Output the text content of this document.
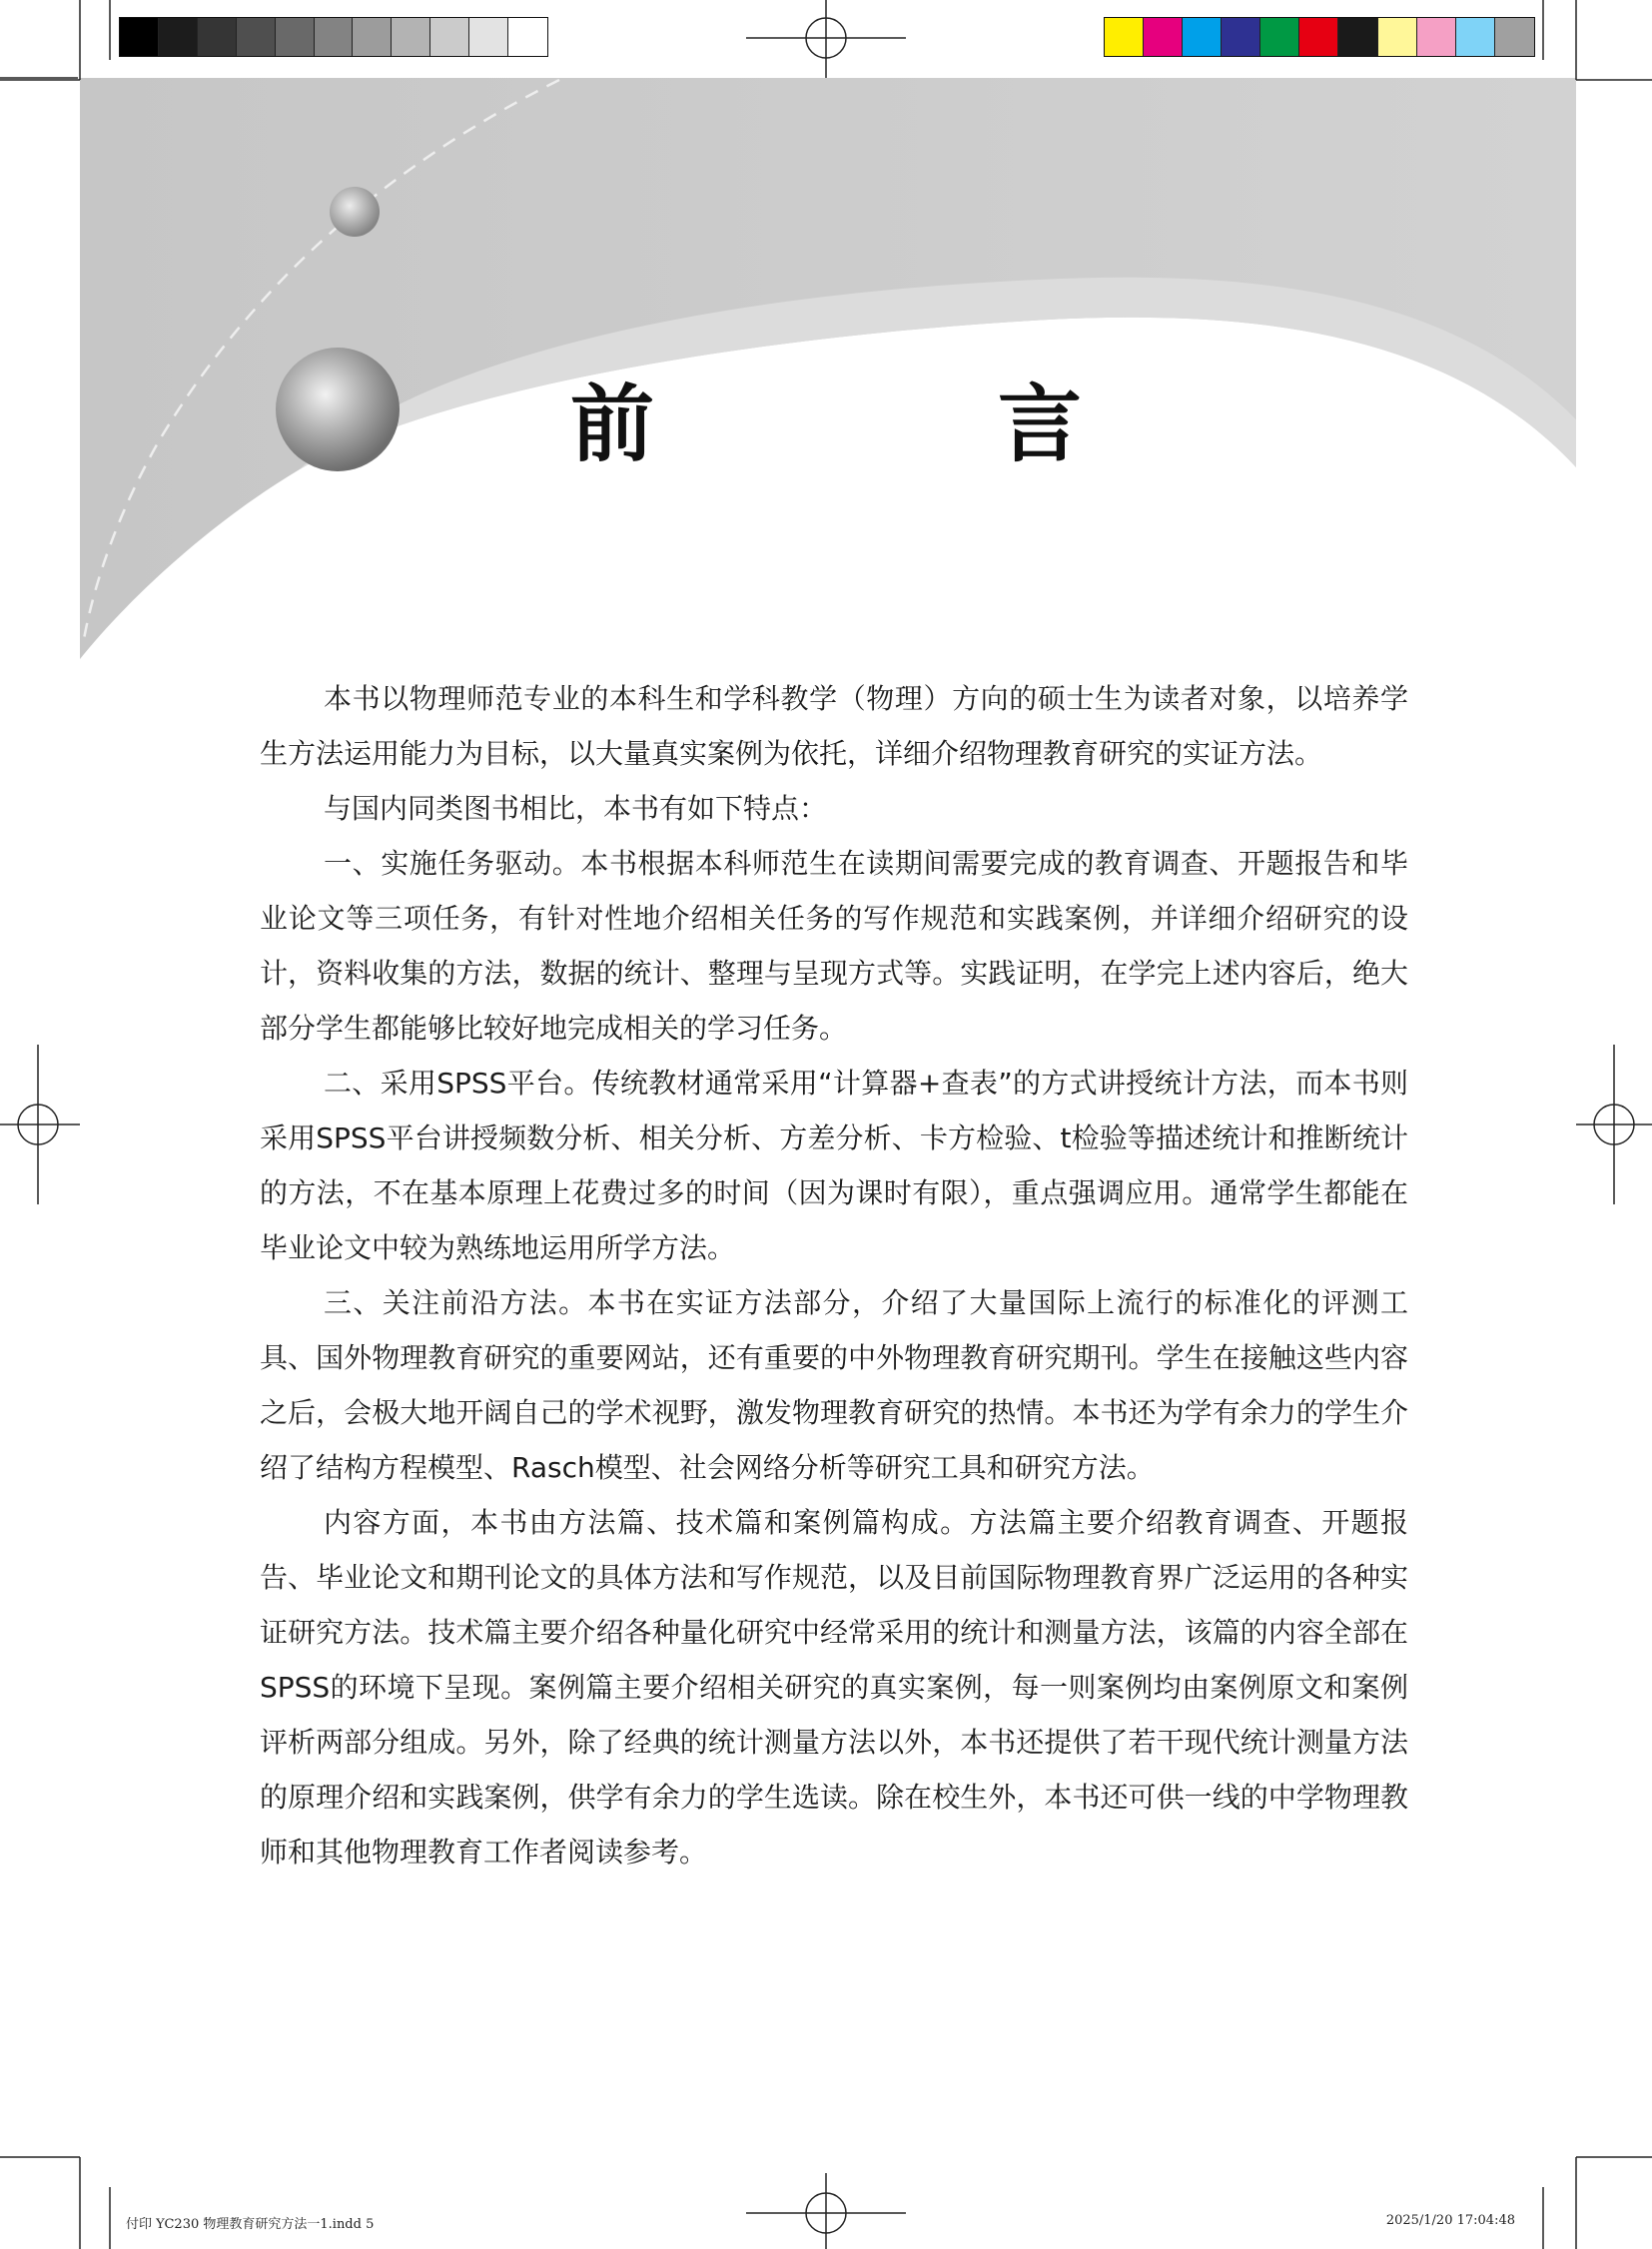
前　言

本书以物理师范专业的本科生和学科教学（物理）方向的硕士生为读者对象，以培养学生方法运用能力为目标，以大量真实案例为依托，详细介绍物理教育研究的实证方法。

与国内同类图书相比，本书有如下特点：

一、实施任务驱动。本书根据本科师范生在读期间需要完成的教育调查、开题报告和毕业论文等三项任务，有针对性地介绍相关任务的写作规范和实践案例，并详细介绍研究的设计，资料收集的方法，数据的统计、整理与呈现方式等。实践证明，在学完上述内容后，绝大部分学生都能够比较好地完成相关的学习任务。

二、采用SPSS平台。传统教材通常采用“计算器+查表”的方式讲授统计方法，而本书则采用SPSS平台讲授频数分析、相关分析、方差分析、卡方检验、t检验等描述统计和推断统计的方法，不在基本原理上花费过多的时间（因为课时有限），重点强调应用。通常学生都能在毕业论文中较为熟练地运用所学方法。

三、关注前沿方法。本书在实证方法部分，介绍了大量国际上流行的标准化的评测工具、国外物理教育研究的重要网站，还有重要的中外物理教育研究期刊。学生在接触这些内容之后，会极大地开阔自己的学术视野，激发物理教育研究的热情。本书还为学有余力的学生介绍了结构方程模型、Rasch模型、社会网络分析等研究工具和研究方法。

内容方面，本书由方法篇、技术篇和案例篇构成。方法篇主要介绍教育调查、开题报告、毕业论文和期刊论文的具体方法和写作规范，以及目前国际物理教育界广泛运用的各种实证研究方法。技术篇主要介绍各种量化研究中经常采用的统计和测量方法，该篇的内容全部在SPSS的环境下呈现。案例篇主要介绍相关研究的真实案例，每一则案例均由案例原文和案例评析两部分组成。另外，除了经典的统计测量方法以外，本书还提供了若干现代统计测量方法的原理介绍和实践案例，供学有余力的学生选读。除在校生外，本书还可供一线的中学物理教师和其他物理教育工作者阅读参考。

付印 YC230 物理教育研究方法一1.indd 5	2025/1/20 17:04:48
